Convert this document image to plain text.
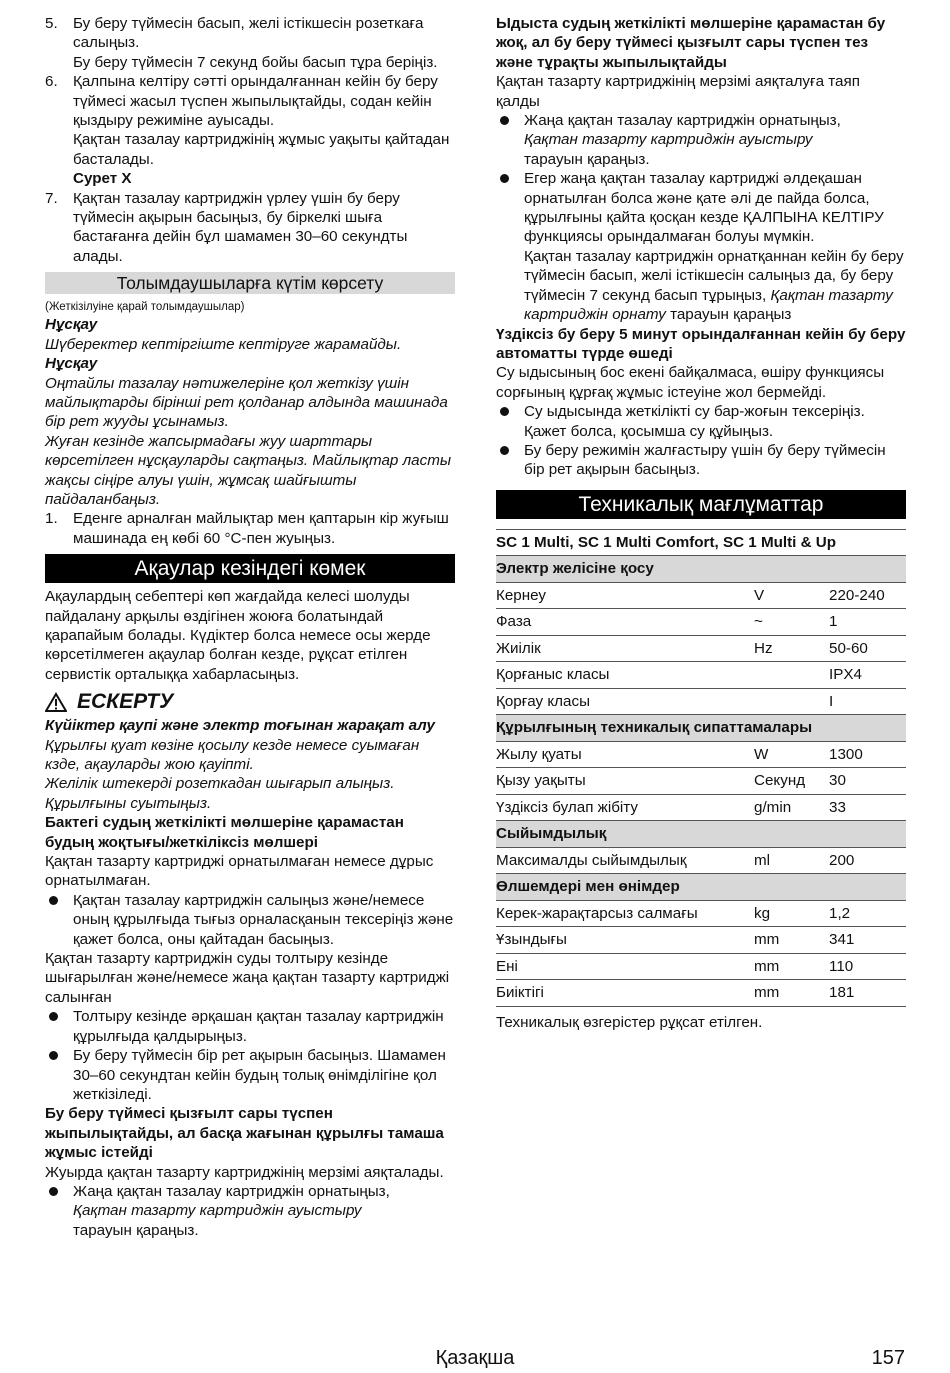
5.	Бу беру түймесін басып, желі істікшесін розеткаға салыңыз.

Бу беру түймесін 7 секунд бойы басып тұра беріңіз.

6.	Қалпына келтіру сәтті орындалғаннан кейін бу беру түймесі жасыл түспен жыпылықтайды, содан кейін қыздыру режиміне ауысады.

Қақтан тазалау картриджінің жұмыс уақыты қайтадан басталады.

Сурет X

7.	Қақтан тазалау картриджін үрлеу үшін бу беру түймесін ақырын басыңыз, бу біркелкі шыға бастағанға дейін бұл шамамен 30–60 секундты алады.

Толымдаушыларға күтім көрсету

(Жеткізілуіне қарай толымдаушылар)

Нұсқау

Шүберектер кептіргіште кептіруге жарамайды.

Нұсқау

Оңтайлы тазалау нәтижелеріне қол жеткізу үшін майлықтарды бірінші рет қолданар алдында машинада бір рет жууды ұсынамыз.

Жуған кезінде жапсырмадағы жуу шарттары көрсетілген нұсқауларды сақтаңыз. Майлықтар ласты жақсы сіңіре алуы үшін, жұмсақ шайғышты пайдаланбаңыз.

1.	Еденге арналған майлықтар мен қаптарын кір жуғыш машинада ең көбі 60 °C-пен жуыңыз.

Ақаулар кезіндегі көмек

Ақаулардың себептері көп жағдайда келесі шолуды пайдалану арқылы өздігінен жоюға болатындай қарапайым болады. Күдіктер болса немесе осы жерде көрсетілмеген ақаулар болған кезде, рұқсат етілген сервистік орталыққа хабарласыңыз.

ЕСКЕРТУ

Күйіктер қаупі және электр тоғынан жарақат алу

Құрылғы қуат көзіне қосылу кезде немесе суымаған кзде, ақауларды жою қауіпті.

Желілік штекерді розеткадан шығарып алыңыз.

Құрылғыны суытыңыз.

Бактегі судың жеткілікті мөлшеріне қарамастан будың жоқтығы/жеткіліксіз мөлшері

Қақтан тазарту картриджі орнатылмаған немесе дұрыс орнатылмаған.

Қақтан тазалау картриджін салыңыз және/немесе оның құрылғыда тығыз орналасқанын тексеріңіз және қажет болса, оны қайтадан басыңыз.

Қақтан тазарту картриджін суды толтыру кезінде шығарылған және/немесе жаңа қақтан тазарту картриджі салынған

Толтыру кезінде әрқашан қақтан тазалау картриджін құрылғыда қалдырыңыз.

Бу беру түймесін бір рет ақырын басыңыз. Шамамен 30–60 секундтан кейін будың толық өнімділігіне қол жеткізіледі.

Бу беру түймесі қызғылт сары түспен жыпылықтайды, ал басқа жағынан құрылғы тамаша жұмыс істейді

Жуырда қақтан тазарту картриджінің мерзімі аяқталады.

Жаңа қақтан тазалау картриджін орнатыңыз,
Қақтан тазарту картриджін ауыстыру
тарауын қараңыз.

Ыдыста судың жеткілікті мөлшеріне қарамастан бу жоқ, ал бу беру түймесі қызғылт сары түспен тез және тұрақты жыпылықтайды

Қақтан тазарту картриджінің мерзімі аяқталуға таяп қалды

Жаңа қақтан тазалау картриджін орнатыңыз,
Қақтан тазарту картриджін ауыстыру
тарауын қараңыз.

Егер жаңа қақтан тазалау картриджі әлдеқашан орнатылған болса және қате әлі де пайда болса, құрылғыны қайта қосқан кезде ҚАЛПЫНА КЕЛТІРУ функциясы орындалмаған болуы мүмкін.

Қақтан тазалау картриджін орнатқаннан кейін бу беру түймесін басып, желі істікшесін салыңыз да, бу беру түймесін 7 секунд басып тұрыңыз, Қақтан тазарту картриджін орнату тарауын қараңыз

Үздіксіз бу беру 5 минут орындалғаннан кейін бу беру автоматты түрде өшеді

Су ыдысының бос екені байқалмаса, өшіру функциясы сорғының құрғақ жұмыс істеуіне жол бермейді.

Су ыдысында жеткілікті су бар-жоғын тексеріңіз. Қажет болса, қосымша су құйыңыз.

Бу беру режимін жалғастыру үшін бу беру түймесін бір рет ақырын басыңыз.

Техникалық мағлұматтар
SC 1 Multi, SC 1 Multi Comfort, SC 1 Multi & Up		
Электр желісіне қосу		
Кернеу	V	220-240
Фаза	~	1
Жиілік	Hz	50-60
Қорғаныс класы		IPX4
Қорғау класы		I
Құрылғының техникалық сипаттамалары		
Жылу қуаты	W	1300
Қызу уақыты	Секунд	30
Үздіксіз булап жібіту	g/min	33
Сыйымдылық		
Максималды сыйымдылық	ml	200
Өлшемдері мен өнімдер		
Керек-жарақтарсыз салмағы	kg	1,2
Ұзындығы	mm	341
Ені	mm	110
Биіктігі	mm	181

Техникалық өзгерістер рұқсат етілген.

Қазақша	157
